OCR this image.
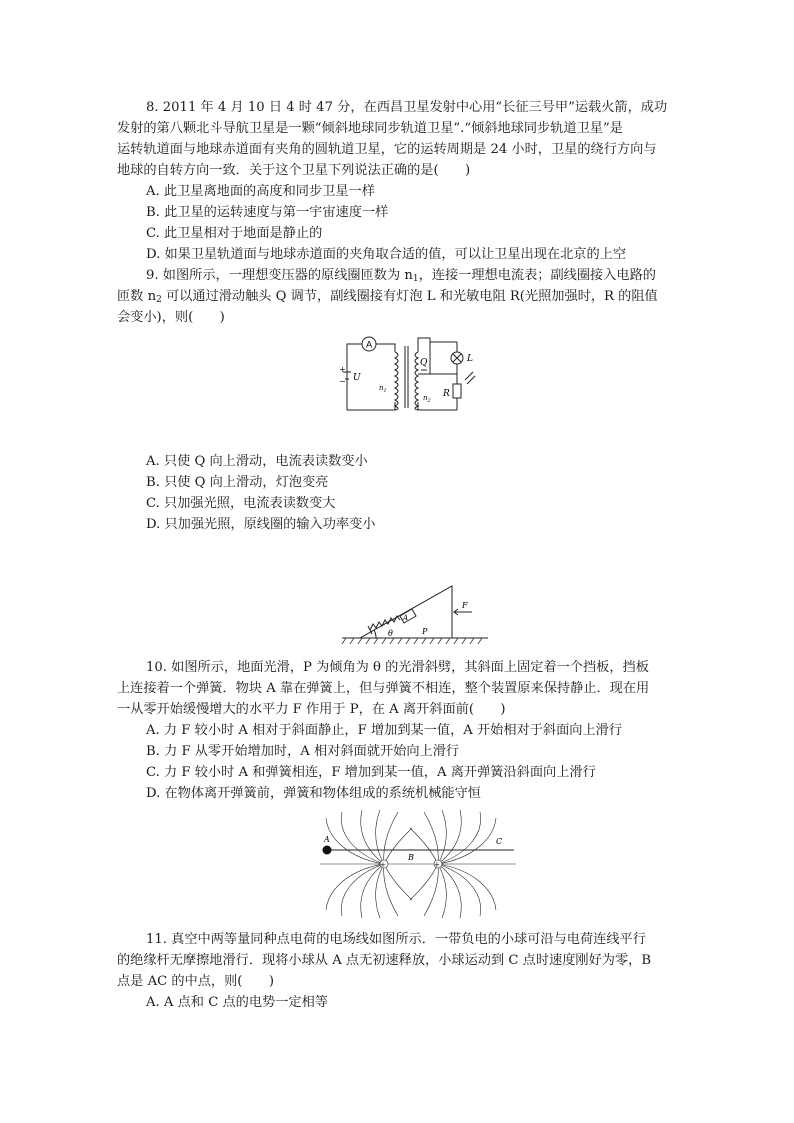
8. 2011 年 4 月 10 日 4 时 47 分，在西昌卫星发射中心用“长征三号甲”运载火箭，成功
发射的第八颗北斗导航卫星是一颗“倾斜地球同步轨道卫星”.“倾斜地球同步轨道卫星”是
运转轨道面与地球赤道面有夹角的圆轨道卫星，它的运转周期是 24 小时，卫星的绕行方向与
地球的自转方向一致．关于这个卫星下列说法正确的是(　　)
A. 此卫星离地面的高度和同步卫星一样
B. 此卫星的运转速度与第一宇宙速度一样
C. 此卫星相对于地面是静止的
D. 如果卫星轨道面与地球赤道面的夹角取合适的值，可以让卫星出现在北京的上空
9. 如图所示，一理想变压器的原线圈匝数为 $n_1$，连接一理想电流表；副线圈接入电路的
匝数 $n_2$ 可以通过滑动触头 Q 调节，副线圈接有灯泡 L 和光敏电阻 R(光照加强时，R 的阻值
会变小)，则(　　)
A
+
− U
Q
$n_1$
$n_2$
L
R
A. 只使 Q 向上滑动，电流表读数变小
B. 只使 Q 向上滑动，灯泡变亮
C. 只加强光照，电流表读数变大
D. 只加强光照，原线圈的输入功率变小
A
θ	P
F
10. 如图所示，地面光滑，P 为倾角为 θ 的光滑斜劈，其斜面上固定着一个挡板，挡板
上连接着一个弹簧．物块 A 靠在弹簧上，但与弹簧不相连，整个装置原来保持静止．现在用
一从零开始缓慢增大的水平力 F 作用于 P，在 A 离开斜面前(　　)
A. 力 F 较小时 A 相对于斜面静止，F 增加到某一值，A 开始相对于斜面向上滑行
B. 力 F 从零开始增加时，A 相对斜面就开始向上滑行
C. 力 F 较小时 A 和弹簧相连，F 增加到某一值，A 离开弹簧沿斜面向上滑行
D. 在物体离开弹簧前，弹簧和物体组成的系统机械能守恒
+	+
A
B
C
11. 真空中两等量同种点电荷的电场线如图所示．一带负电的小球可沿与电荷连线平行
的绝缘杆无摩擦地滑行．现将小球从 A 点无初速释放，小球运动到 C 点时速度刚好为零，B
点是 AC 的中点，则(　　)
A. A 点和 C 点的电势一定相等
